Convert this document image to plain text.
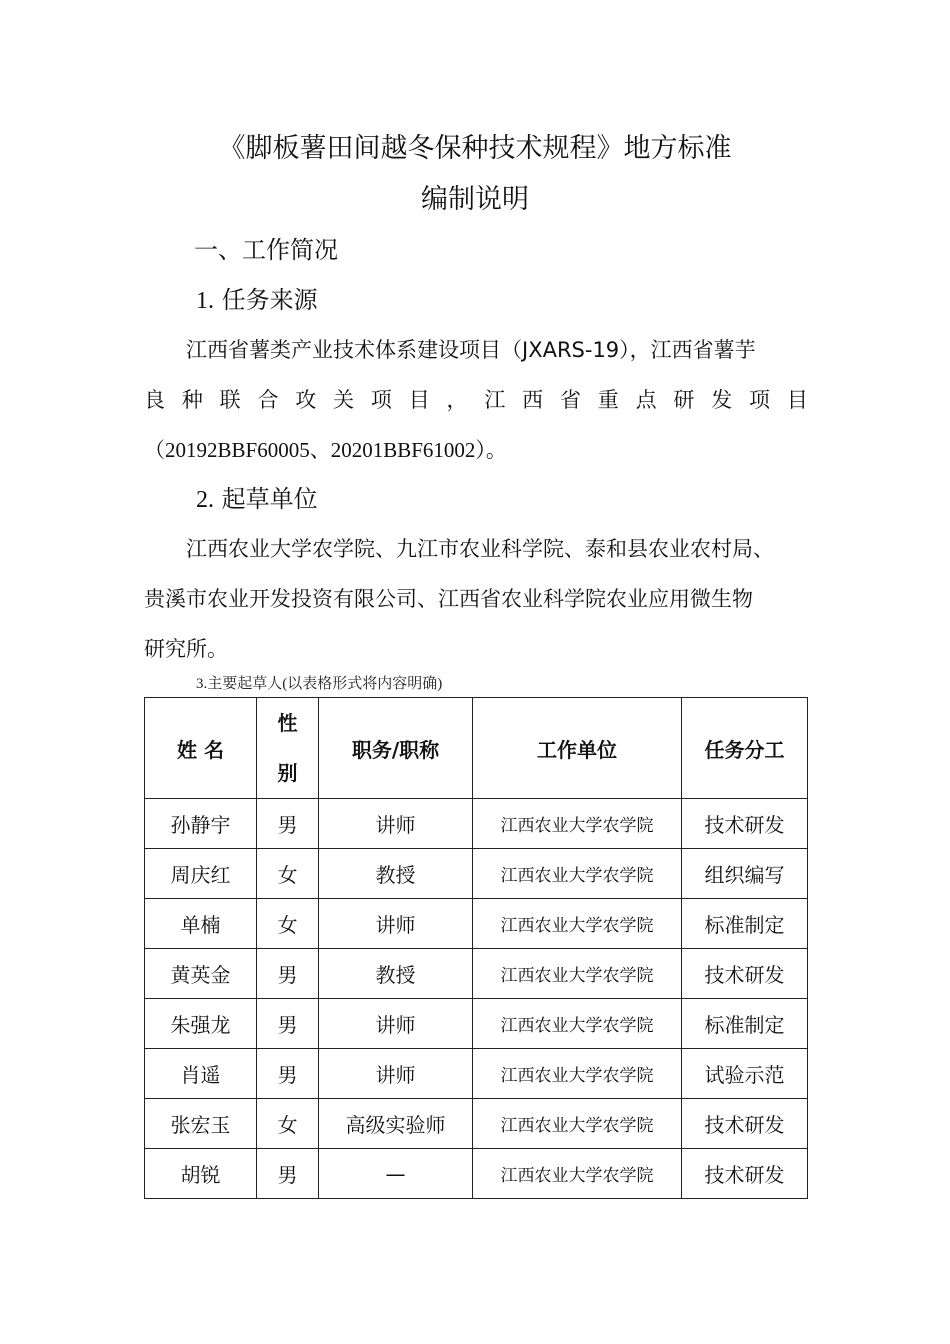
《脚板薯田间越冬保种技术规程》地方标准
编制说明
一、工作简况
1. 任务来源
江西省薯类产业技术体系建设项目（JXARS-19），江西省薯芋
良 种 联 合 攻 关 项 目 ， 江 西 省 重 点 研 发 项 目
（20192BBF60005、20201BBF61002）。
2. 起草单位
江西农业大学农学院、九江市农业科学院、泰和县农业农村局、
贵溪市农业开发投资有限公司、江西省农业科学院农业应用微生物
研究所。
3.主要起草人(以表格形式将内容明确)
姓 名	性别	职务/职称	工作单位	任务分工
孙静宇	男	讲师	江西农业大学农学院	技术研发
周庆红	女	教授	江西农业大学农学院	组织编写
单楠	女	讲师	江西农业大学农学院	标准制定
黄英金	男	教授	江西农业大学农学院	技术研发
朱强龙	男	讲师	江西农业大学农学院	标准制定
肖遥	男	讲师	江西农业大学农学院	试验示范
张宏玉	女	高级实验师	江西农业大学农学院	技术研发
胡锐	男	—	江西农业大学农学院	技术研发
